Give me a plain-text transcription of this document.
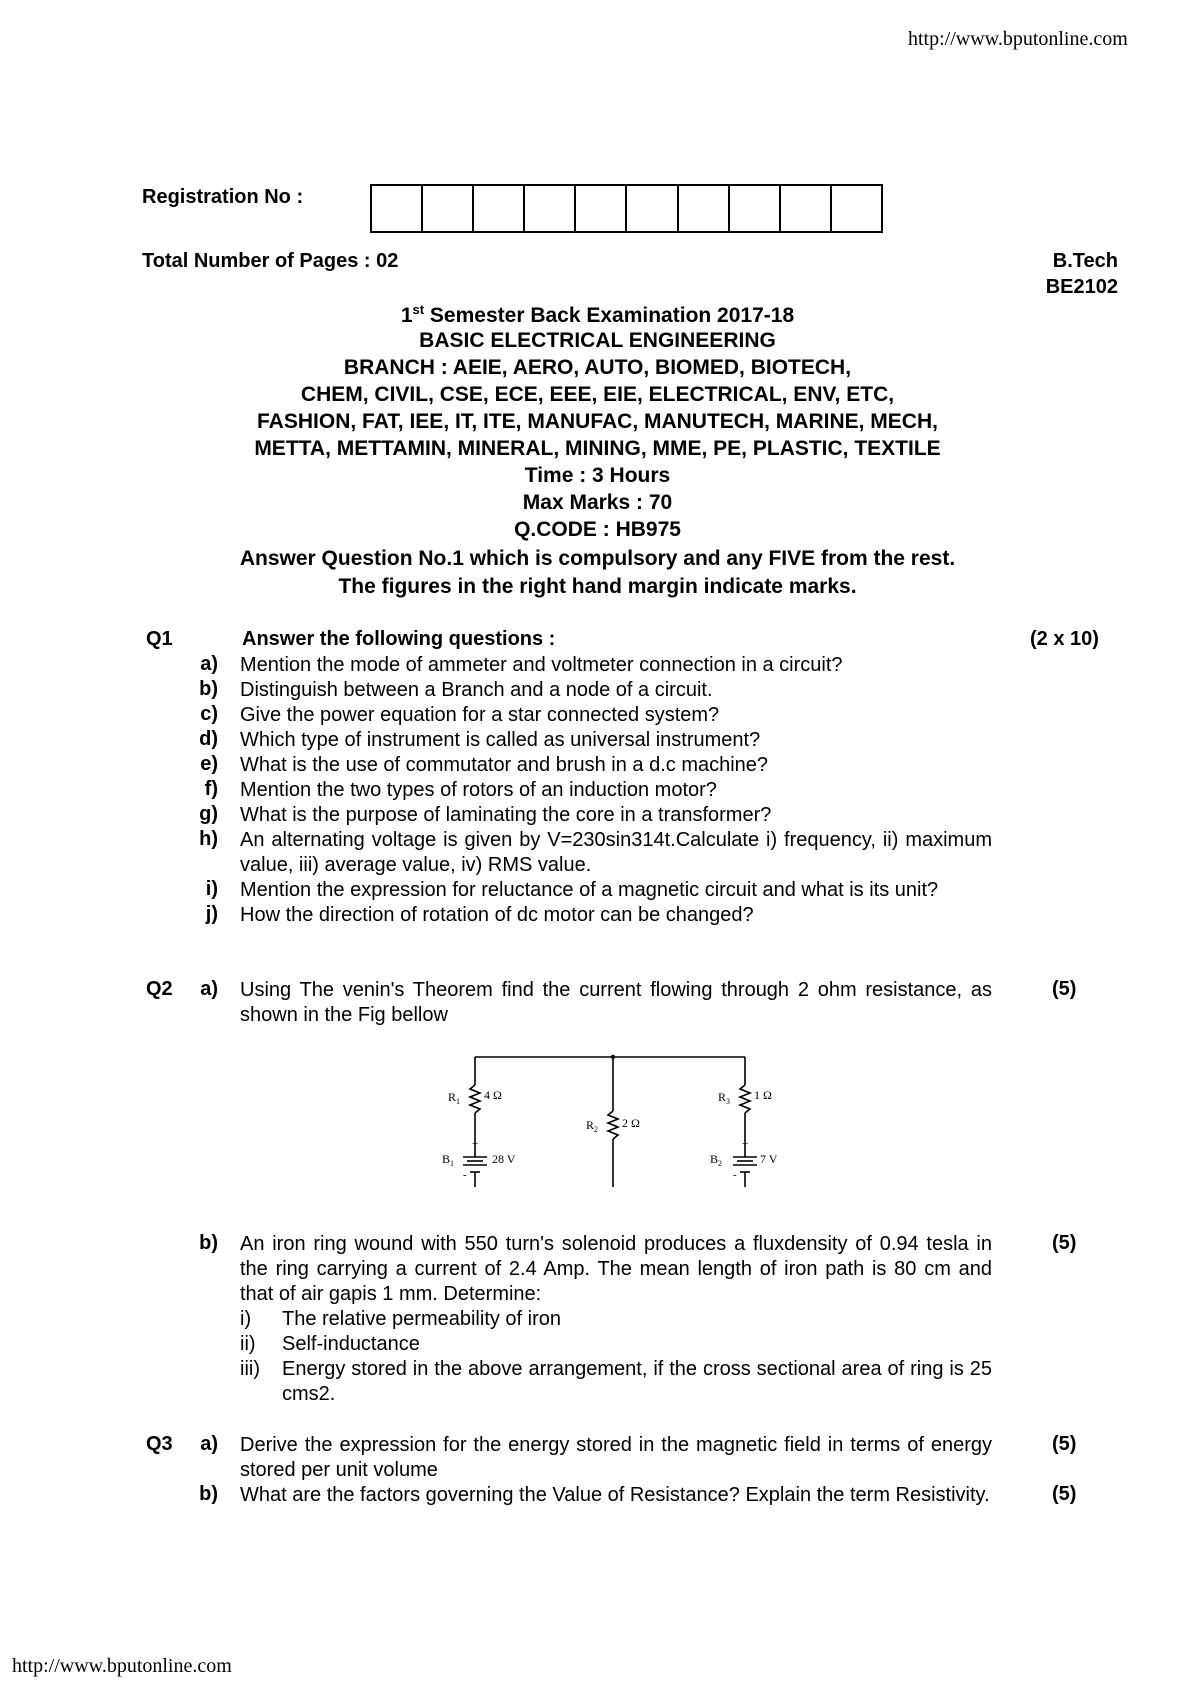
http://www.bputonline.com
Registration No :
Total Number of Pages : 02	B.Tech
BE2102
1st Semester Back Examination 2017-18
BASIC ELECTRICAL ENGINEERING
BRANCH : AEIE, AERO, AUTO, BIOMED, BIOTECH,
CHEM, CIVIL, CSE, ECE, EEE, EIE, ELECTRICAL, ENV, ETC,
FASHION, FAT, IEE, IT, ITE, MANUFAC, MANUTECH, MARINE, MECH,
METTA, METTAMIN, MINERAL, MINING, MME, PE, PLASTIC, TEXTILE
Time : 3 Hours
Max Marks : 70
Q.CODE : HB975
Answer Question No.1 which is compulsory and any FIVE from the rest.
The figures in the right hand margin indicate marks.
Q1	Answer the following questions :	(2 x 10)
a) Mention the mode of ammeter and voltmeter connection in a circuit?
b) Distinguish between a Branch and a node of a circuit.
c) Give the power equation for a star connected system?
d) Which type of instrument is called as universal instrument?
e) What is the use of commutator and brush in a d.c machine?
f) Mention the two types of rotors of an induction motor?
g) What is the purpose of laminating the core in a transformer?
h) An alternating voltage is given by V=230sin314t.Calculate i) frequency, ii) maximum value, iii) average value, iv) RMS value.
i) Mention the expression for reluctance of a magnetic circuit and what is its unit?
j) How the direction of rotation of dc motor can be changed?
Q2	a) Using The venin's Theorem find the current flowing through 2 ohm resistance, as shown in the Fig bellow
(5)
$R_1$ 4 Ω
$R_2$ 2 Ω
$R_3$ 1 Ω
+
$B_1$	28 V
-
+
$B_2$	7 V
-
b) An iron ring wound with 550 turn's solenoid produces a fluxdensity of 0.94 tesla in the ring carrying a current of 2.4 Amp. The mean length of iron path is 80 cm and that of air gapis 1 mm. Determine:
(5)
i)	The relative permeability of iron
ii)	Self-inductance
iii)	Energy stored in the above arrangement, if the cross sectional area of ring is 25 cms2.
Q3	a) Derive the expression for the energy stored in the magnetic field in terms of energy stored per unit volume
(5)
b) What are the factors governing the Value of Resistance? Explain the term Resistivity.	(5)
http://www.bputonline.com
